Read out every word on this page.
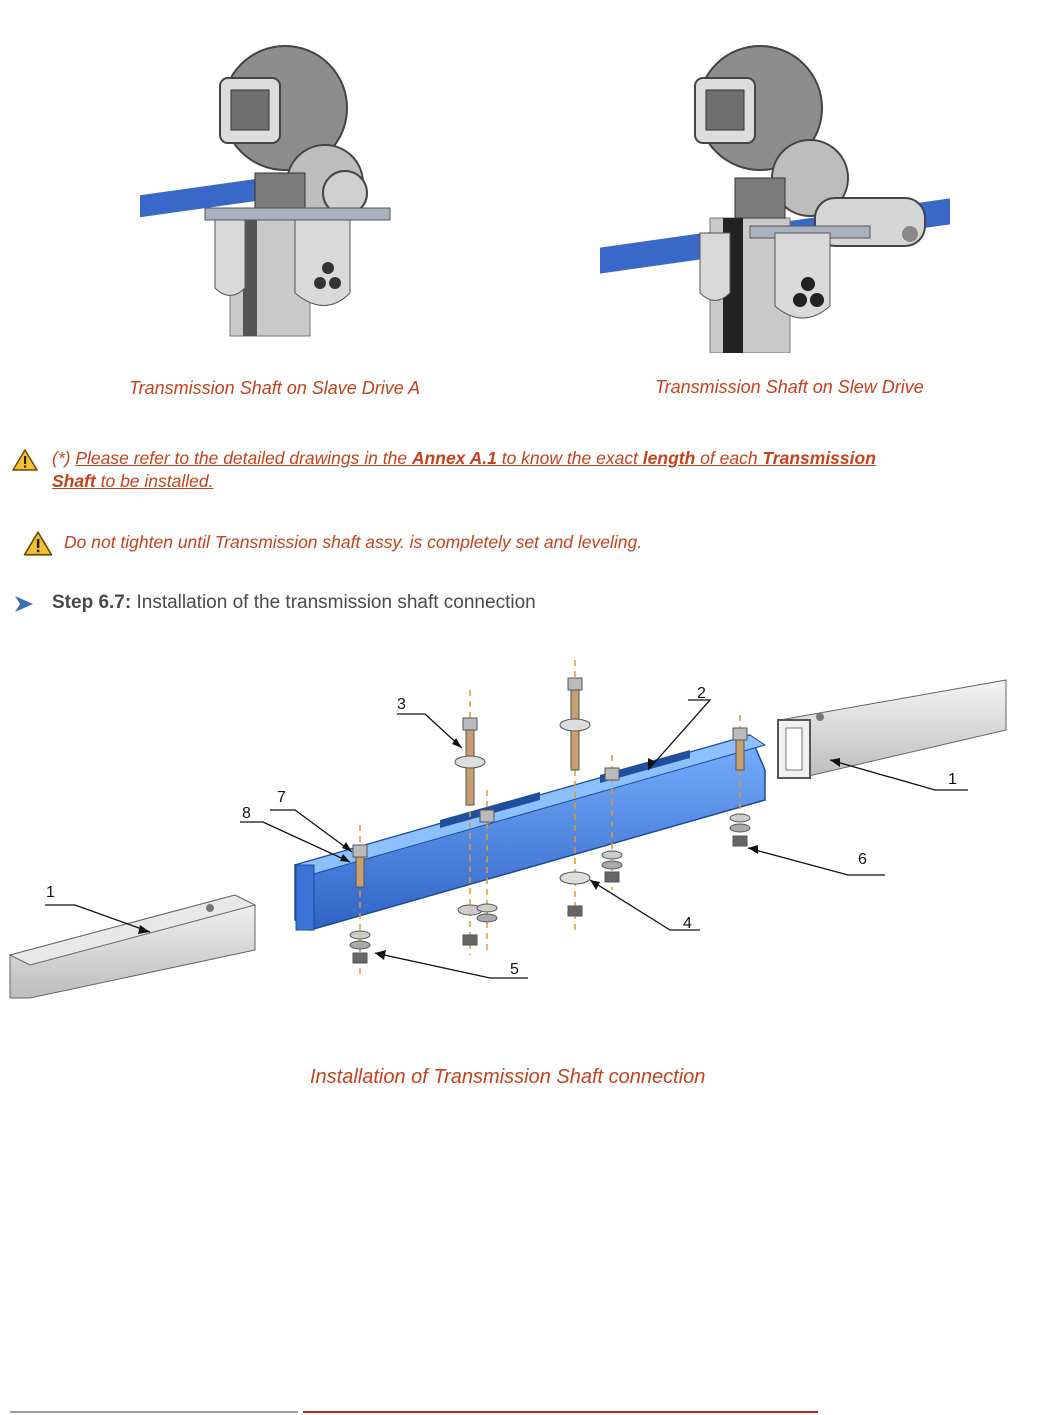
Transmission Shaft on Slave Drive A	Transmission Shaft on Slew Drive
(*) Please refer to the detailed drawings in the Annex A.1 to know the exact length of each Transmission
Shaft to be installed.
Do not tighten until Transmission shaft assy. is completely set and leveling.
Step 6.7: Installation of the transmission shaft connection
1
2
3
4
5
6
7
8
1
Installation of Transmission Shaft connection
